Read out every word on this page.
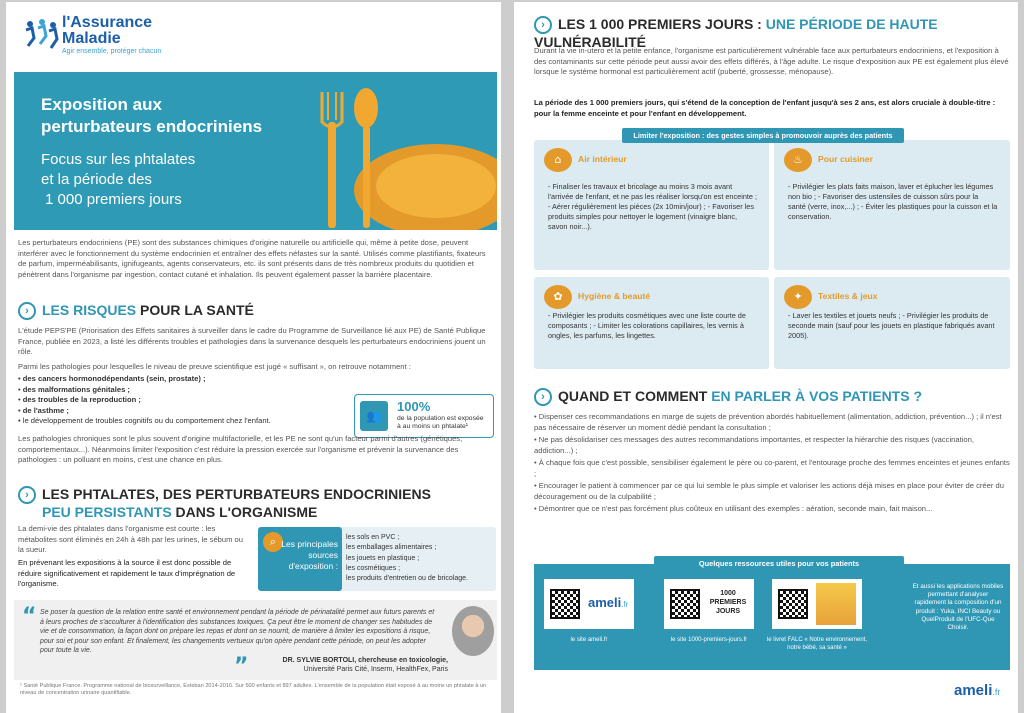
l'Assurance
Maladie
Agir ensemble, protéger chacun
Exposition aux
perturbateurs endocriniens
Focus sur les phtalates
et la période des
1 000 premiers jours
Les perturbateurs endocriniens (PE) sont des substances chimiques d'origine naturelle ou artificielle qui, même à petite dose, peuvent interférer avec le fonctionnement du système endocrinien et entraîner des effets néfastes sur la santé. Utilisés comme plastifiants, fixateurs de parfum, imperméabilisants, ignifugeants, agents conservateurs, etc. ils sont présents dans de très nombreux produits du quotidien et pénètrent dans l'organisme par ingestion, contact cutané et inhalation. Ils peuvent également passer la barrière placentaire.
› LES RISQUES POUR LA SANTÉ
L'étude PEPS'PE (Priorisation des Effets sanitaires à surveiller dans le cadre du Programme de Surveillance lié aux PE) de Santé Publique France, publiée en 2023, a listé les différents troubles et pathologies dans la survenance desquels les perturbateurs endocriniens jouent un rôle.
Parmi les pathologies pour lesquelles le niveau de preuve scientifique est jugé « suffisant », on retrouve notamment :
• des cancers hormonodépendants (sein, prostate) ;
• des malformations génitales ;
• des troubles de la reproduction ;
• de l'asthme ;
• le développement de troubles cognitifs ou du comportement chez l'enfant.	👥
100%
de la population est exposée à au moins un phtalate¹
Les pathologies chroniques sont le plus souvent d'origine multifactorielle, et les PE ne sont qu'un facteur parmi d'autres (génétiques, comportementaux...). Néanmoins limiter l'exposition c'est réduire la pression exercée sur l'organisme et prévenir la survenance des pathologies : un polluant en moins, c'est une chance en plus.
› LES PHTALATES, DES PERTURBATEURS ENDOCRINIENS
PEU PERSISTANTS DANS L'ORGANISME
La demi-vie des phtalates dans l'organisme est courte : les métabolites sont éliminés en 24h à 48h par les urines, le sébum ou la sueur.
En prévenant les expositions à la source il est donc possible de réduire significativement et rapidement le taux d'imprégnation de l'organisme.
⌕ Les principales sources d'exposition :
les sols en PVC ;
les emballages alimentaires ;
les jouets en plastique ;
les cosmétiques ;
les produits d'entretien ou de bricolage.
“ Se poser la question de la relation entre santé et environnement pendant la période de périnatalité permet aux futurs parents et à leurs proches de s'acculturer à l'identification des substances toxiques. Ça peut être le moment de changer ses habitudes de vie et de consommation, la façon dont on prépare les repas et dont on se nourrit, de manière à limiter les expositions à risque, pour soi et pour son enfant. Et finalement, les changements vertueux qu'on opère pendant cette période, on peut les adopter pour toute la vie.
”	DR. SYLVIE BORTOLI, chercheuse en toxicologie,
Université Paris Cité, Inserm, HealthFex, Paris
¹ Santé Publique France. Programme national de biosurveillance, Esteban 2014-2016. Sur 500 enfants et 897 adultes. L'ensemble de la population était exposé à au moins un phtalate à un niveau de concentration urinaire quantifiable.
› LES 1 000 PREMIERS JOURS : UNE PÉRIODE DE HAUTE VULNÉRABILITÉ
Durant la vie in-utero et la petite enfance, l'organisme est particulièrement vulnérable face aux perturbateurs endocriniens, et l'exposition à des contaminants sur cette période peut aussi avoir des effets différés, à l'âge adulte. Le risque d'exposition aux PE est également plus élevé lorsque le système hormonal est particulièrement actif (puberté, grossesse, ménopause).
La période des 1 000 premiers jours, qui s'étend de la conception de l'enfant jusqu'à ses 2 ans, est alors cruciale à double-titre : pour la femme enceinte et pour l'enfant en développement.
Limiter l'exposition : des gestes simples à promouvoir auprès des patients
⌂	Air intérieur
- Finaliser les travaux et bricolage au moins 3 mois avant l'arrivée de l'enfant, et ne pas les réaliser lorsqu'on est enceinte ; - Aérer régulièrement les pièces (2x 10min/jour) ; - Favoriser les produits simples pour nettoyer le logement (vinaigre blanc, savon noir...).
♨	Pour cuisiner
- Privilégier les plats faits maison, laver et éplucher les légumes non bio ; - Favoriser des ustensiles de cuisson sûrs pour la santé (verre, inox,...) ; - Éviter les plastiques pour la cuisson et la conservation.
✿	Hygiène & beauté
- Privilégier les produits cosmétiques avec une liste courte de composants ; - Limiter les colorations capillaires, les vernis à ongles, les parfums, les lingettes.
✦	Textiles & jeux
- Laver les textiles et jouets neufs ; - Privilégier les produits de seconde main (sauf pour les jouets en plastique fabriqués avant 2005).
› QUAND ET COMMENT EN PARLER À VOS PATIENTS ?
• Dispenser ces recommandations en marge de sujets de prévention abordés habituellement (alimentation, addiction, prévention...) ; il n'est pas nécessaire de réserver un moment dédié pendant la consultation ;
• Ne pas désolidariser ces messages des autres recommandations importantes, et respecter la hiérarchie des risques (vaccination, addiction...) ;
• À chaque fois que c'est possible, sensibiliser également le père ou co-parent, et l'entourage proche des femmes enceintes et jeunes enfants ;
• Encourager le patient à commencer par ce qui lui semble le plus simple et valoriser les actions déjà mises en place pour éviter de créer du découragement ou de la culpabilité ;
• Démontrer que ce n'est pas forcément plus coûteux en utilisant des exemples : aération, seconde main, fait maison...
Quelques ressources utiles pour vos patients
ameli.fr
le site ameli.fr
1000 PREMIERS JOURS
le site 1000-premiers-jours.fr	le livret FALC « Notre environnement, notre bébé, sa santé »
Et aussi les applications mobiles permettant d'analyser rapidement la composition d'un produit : Yuka, INCI Beauty ou QuelProduit de l'UFC-Que Choisir.
ameli.fr
